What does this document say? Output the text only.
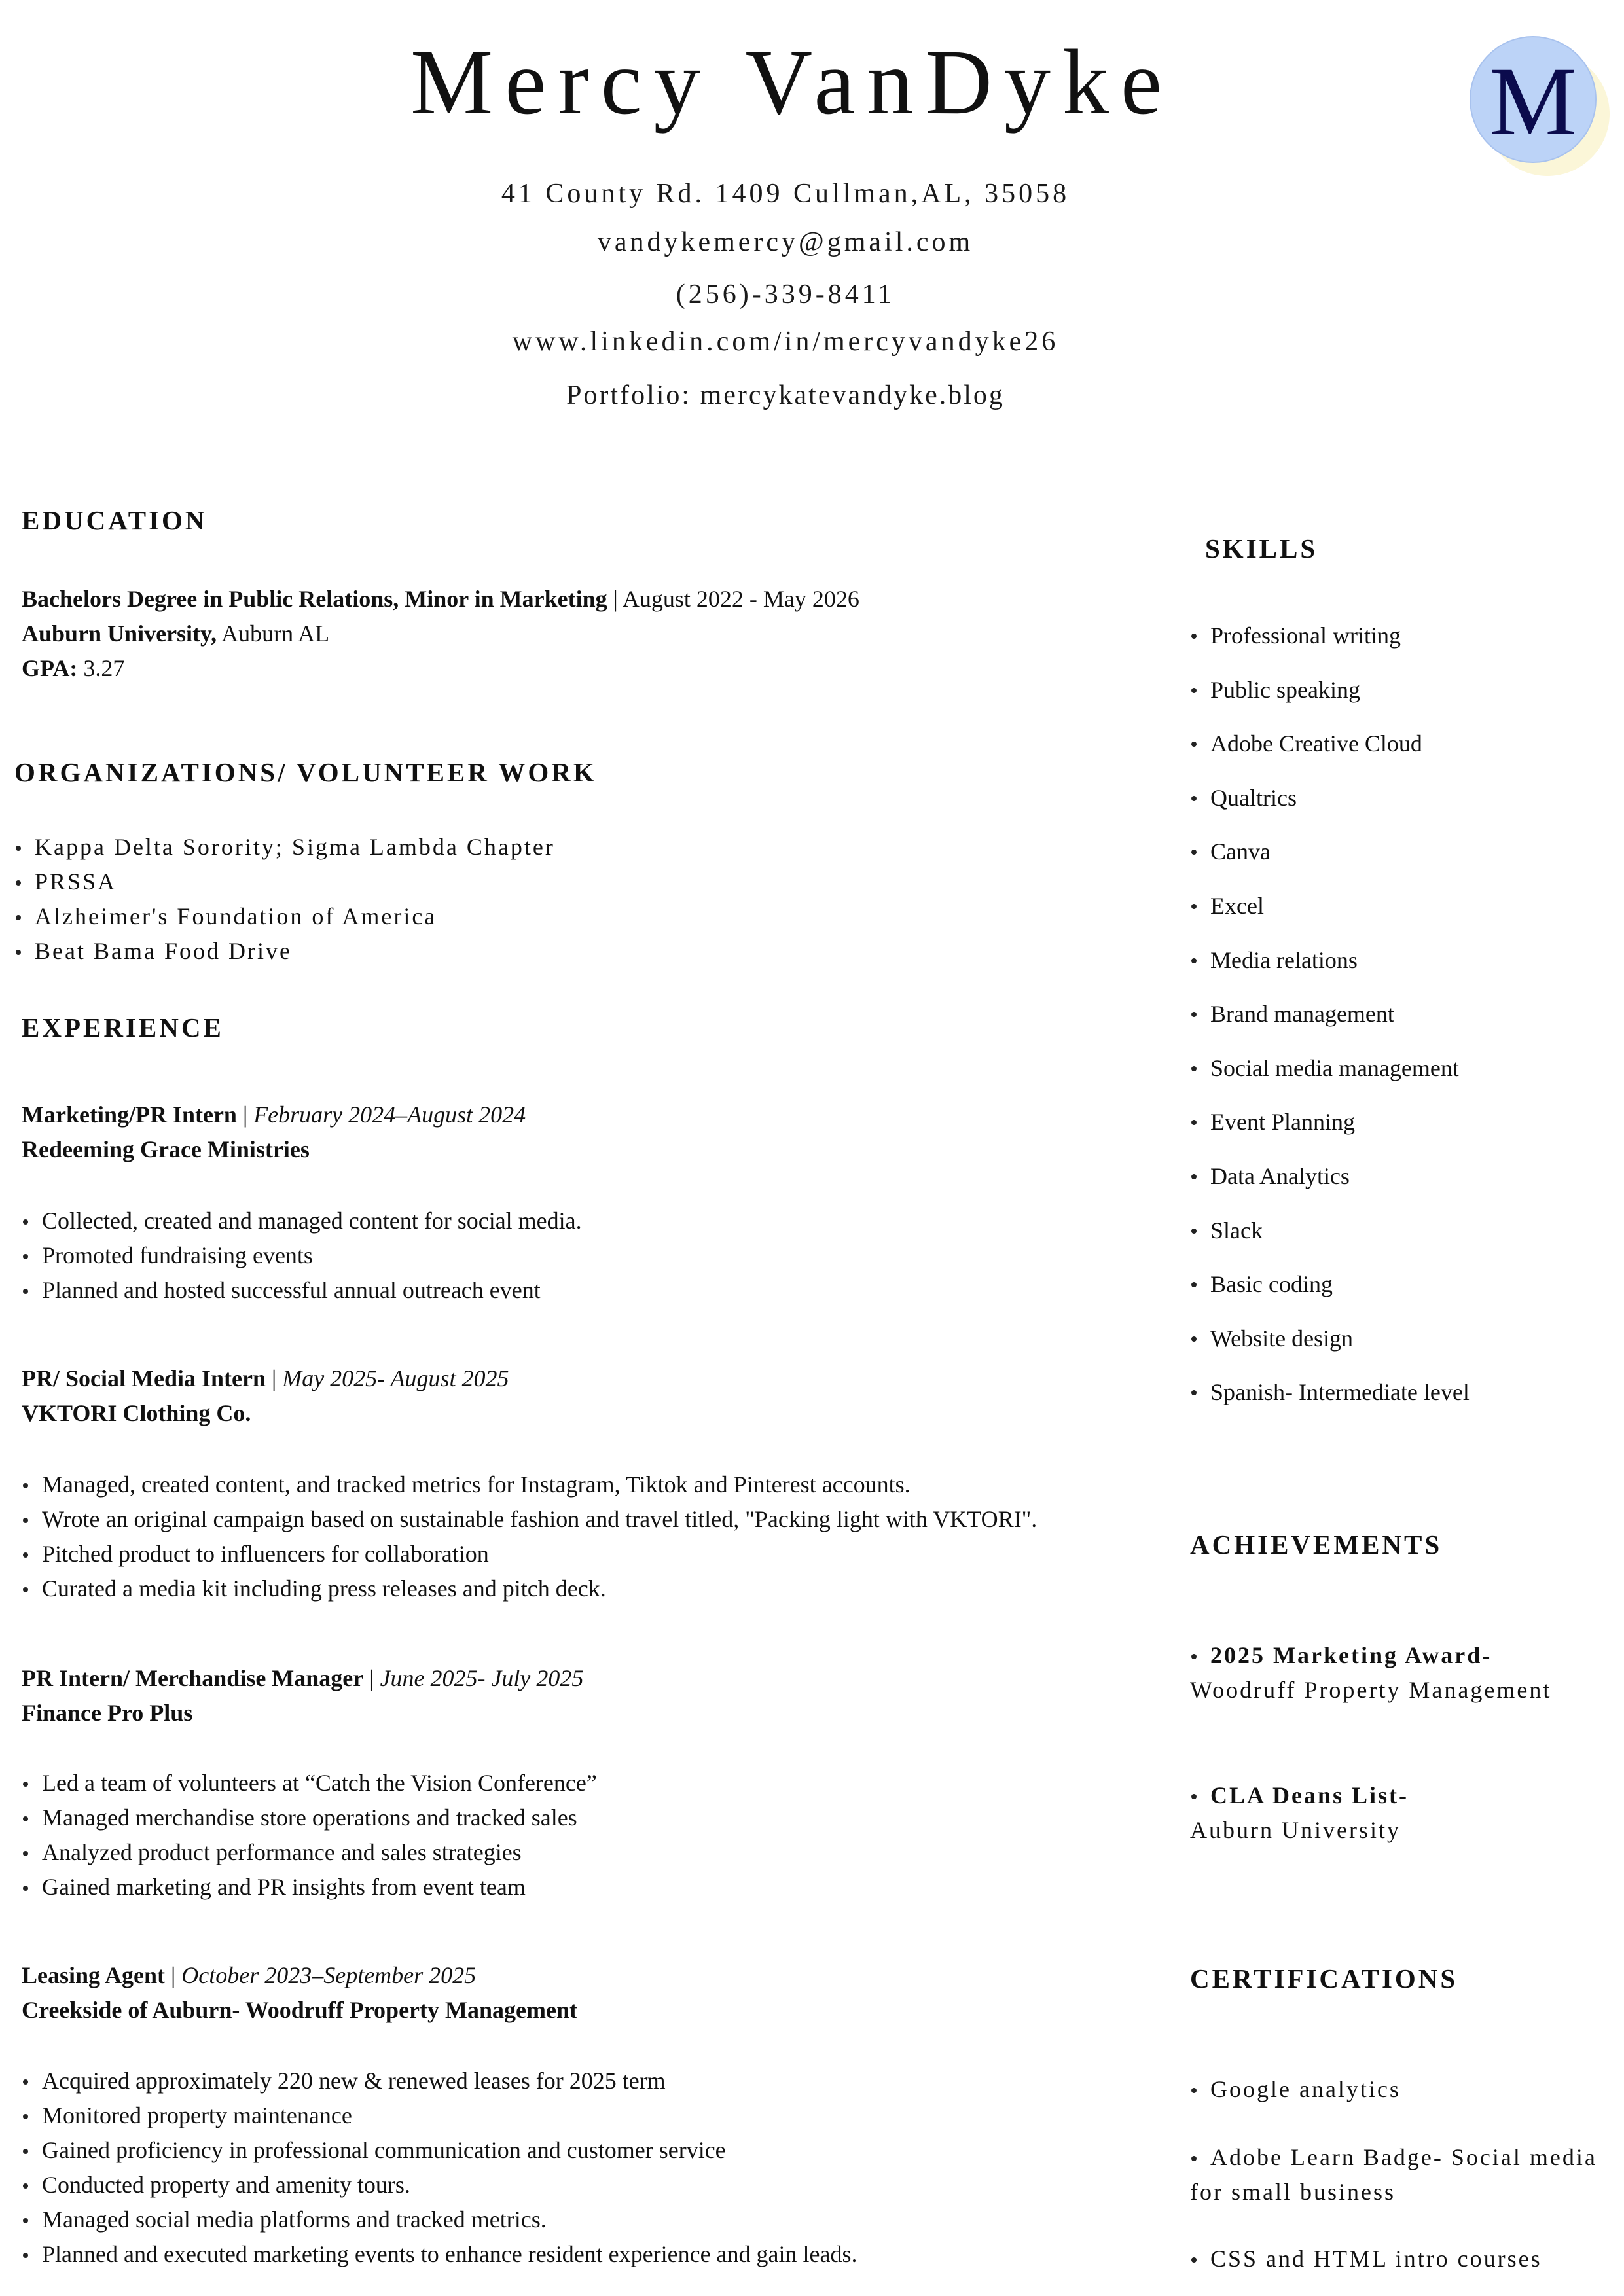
Mercy VanDyke	M
41 County Rd. 1409 Cullman,AL, 35058
vandykemercy@gmail.com
(256)-339-8411
www.linkedin.com/in/mercyvandyke26
Portfolio: mercykatevandyke.blog
EDUCATION
Bachelors Degree in Public Relations, Minor in Marketing | August 2022 - May 2026
Auburn University, Auburn AL
GPA: 3.27
ORGANIZATIONS/ VOLUNTEER WORK
Kappa Delta Sorority; Sigma Lambda Chapter
PRSSA
Alzheimer's Foundation of America
Beat Bama Food Drive
EXPERIENCE
Marketing/PR Intern | February 2024–August 2024
Redeeming Grace Ministries
Collected, created and managed content for social media.
Promoted fundraising events
Planned and hosted successful annual outreach event
PR/ Social Media Intern | May 2025- August 2025
VKTORI Clothing Co.
Managed, created content, and tracked metrics for Instagram, Tiktok and Pinterest accounts.
Wrote an original campaign based on sustainable fashion and travel titled, "Packing light with VKTORI".
Pitched product to influencers for collaboration
Curated a media kit including press releases and pitch deck.
PR Intern/ Merchandise Manager | June 2025- July 2025
Finance Pro Plus
Led a team of volunteers at “Catch the Vision Conference”
Managed merchandise store operations and tracked sales
Analyzed product performance and sales strategies
Gained marketing and PR insights from event team
Leasing Agent | October 2023–September 2025
Creekside of Auburn- Woodruff Property Management
Acquired approximately 220 new & renewed leases for 2025 term
Monitored property maintenance
Gained proficiency in professional communication and customer service
Conducted property and amenity tours.
Managed social media platforms and tracked metrics.
Planned and executed marketing events to enhance resident experience and gain leads.
SKILLS
Professional writing
Public speaking
Adobe Creative Cloud
Qualtrics
Canva
Excel
Media relations
Brand management
Social media management
Event Planning
Data Analytics
Slack
Basic coding
Website design
Spanish- Intermediate level
ACHIEVEMENTS
2025 Marketing Award-
Woodruff Property Management
CLA Deans List-
Auburn University
CERTIFICATIONS
Google analytics
Adobe Learn Badge- Social media
for small business
CSS and HTML intro courses
